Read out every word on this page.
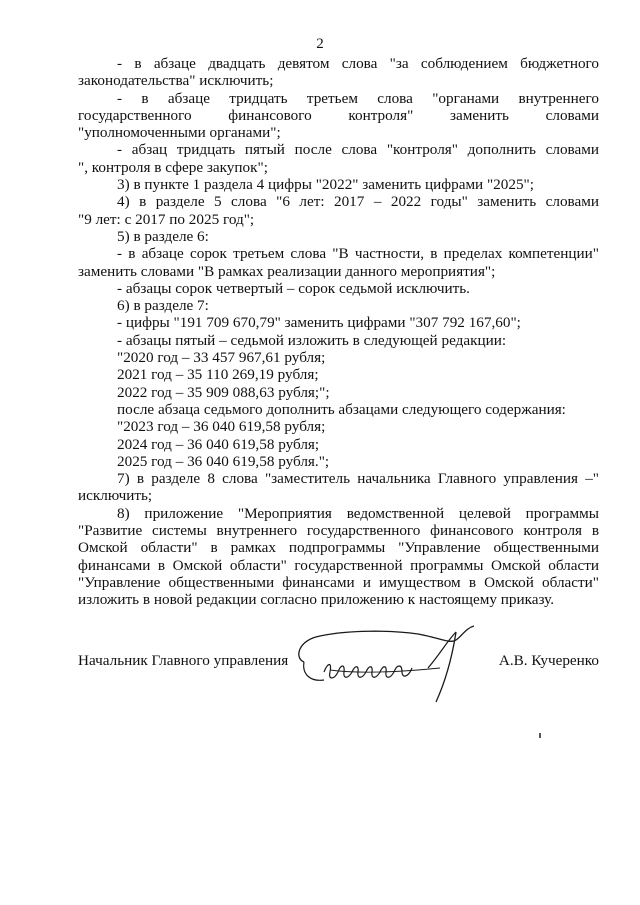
2

- в абзаце двадцать девятом слова "за соблюдением бюджетного

законодательства" исключить;

- в абзаце тридцать третьем слова "органами внутреннего

государственного финансового контроля" заменить словами

"уполномоченными органами";

- абзац тридцать пятый после слова "контроля" дополнить словами

", контроля в сфере закупок";

3) в пункте 1 раздела 4 цифры "2022" заменить цифрами "2025";

4) в разделе 5 слова "6 лет: 2017 – 2022 годы" заменить словами

"9 лет: с 2017 по 2025 год";

5) в разделе 6:

- в абзаце сорок третьем слова "В частности, в пределах компетенции"

заменить словами "В рамках реализации данного мероприятия";

- абзацы сорок четвертый – сорок седьмой исключить.

6) в разделе 7:

- цифры "191 709 670,79" заменить цифрами "307 792 167,60";

- абзацы пятый – седьмой изложить в следующей редакции:

"2020 год – 33 457 967,61 рубля;

2021 год – 35 110 269,19 рубля;

2022 год – 35 909 088,63 рубля;";

после абзаца седьмого дополнить абзацами следующего содержания:

"2023 год – 36 040 619,58 рубля;

2024 год – 36 040 619,58 рубля;

2025 год – 36 040 619,58 рубля.";

7) в разделе 8 слова "заместитель начальника Главного управления –"

исключить;

8) приложение "Мероприятия ведомственной целевой программы

"Развитие системы внутреннего государственного финансового контроля в

Омской области" в рамках подпрограммы "Управление общественными

финансами в Омской области" государственной программы Омской области

"Управление общественными финансами и имуществом в Омской области"

изложить в новой редакции согласно приложению к настоящему приказу.

Начальник Главного управления	А.В. Кучеренко
